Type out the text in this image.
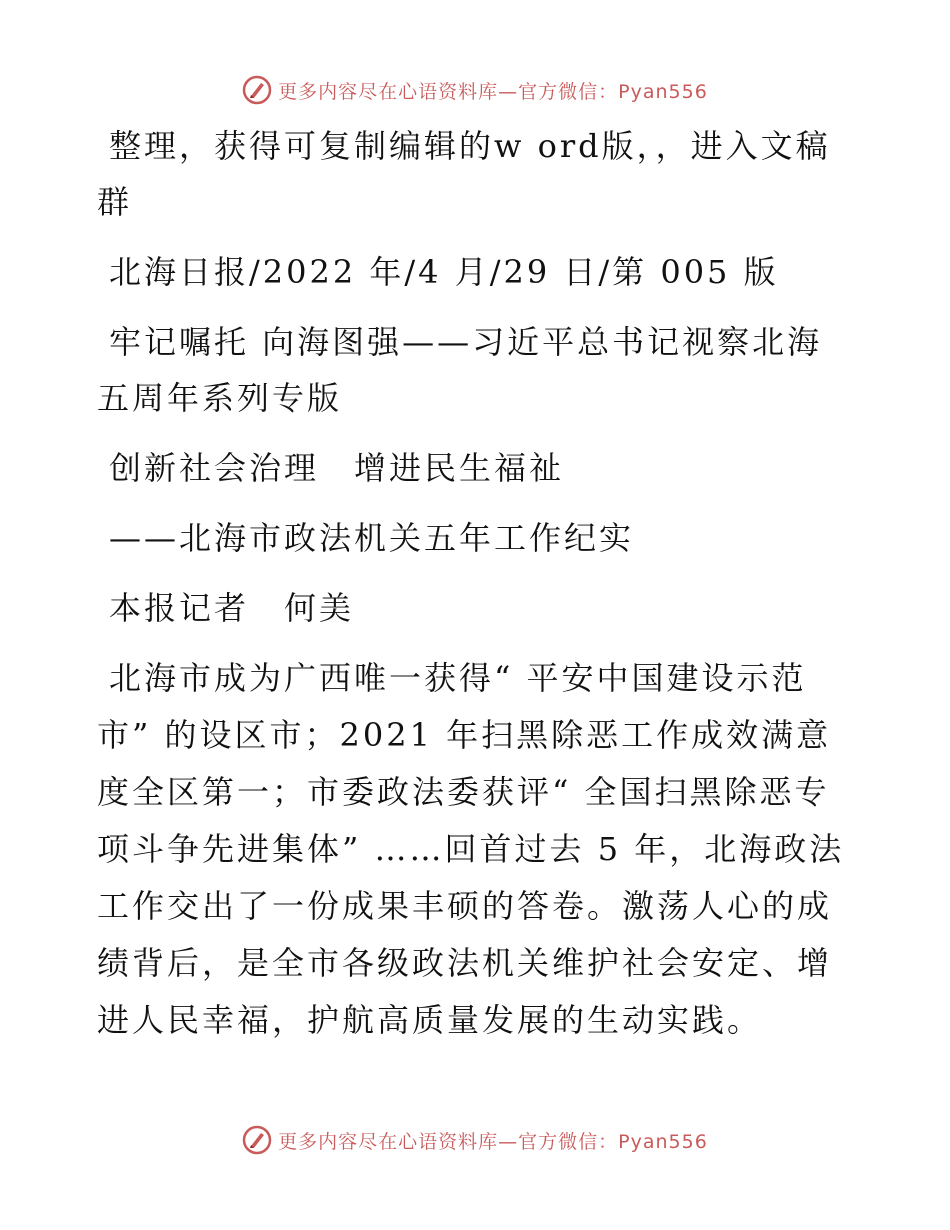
更多内容尽在心语资料库—官方微信：Pyan556

整理，获得可复制编辑的w ord版，，进入文稿群

北海日报/2022 年/4 月/29 日/第 005 版

牢记嘱托 向海图强——习近平总书记视察北海五周年系列专版

创新社会治理　增进民生福祉

——北海市政法机关五年工作纪实

本报记者　何美

北海市成为广西唯一获得“ 平安中国建设示范市” 的设区市；2021 年扫黑除恶工作成效满意度全区第一；市委政法委获评“ 全国扫黑除恶专项斗争先进集体” ……回首过去 5 年，北海政法工作交出了一份成果丰硕的答卷。激荡人心的成绩背后，是全市各级政法机关维护社会安定、增进人民幸福，护航高质量发展的生动实践。

更多内容尽在心语资料库—官方微信：Pyan556
